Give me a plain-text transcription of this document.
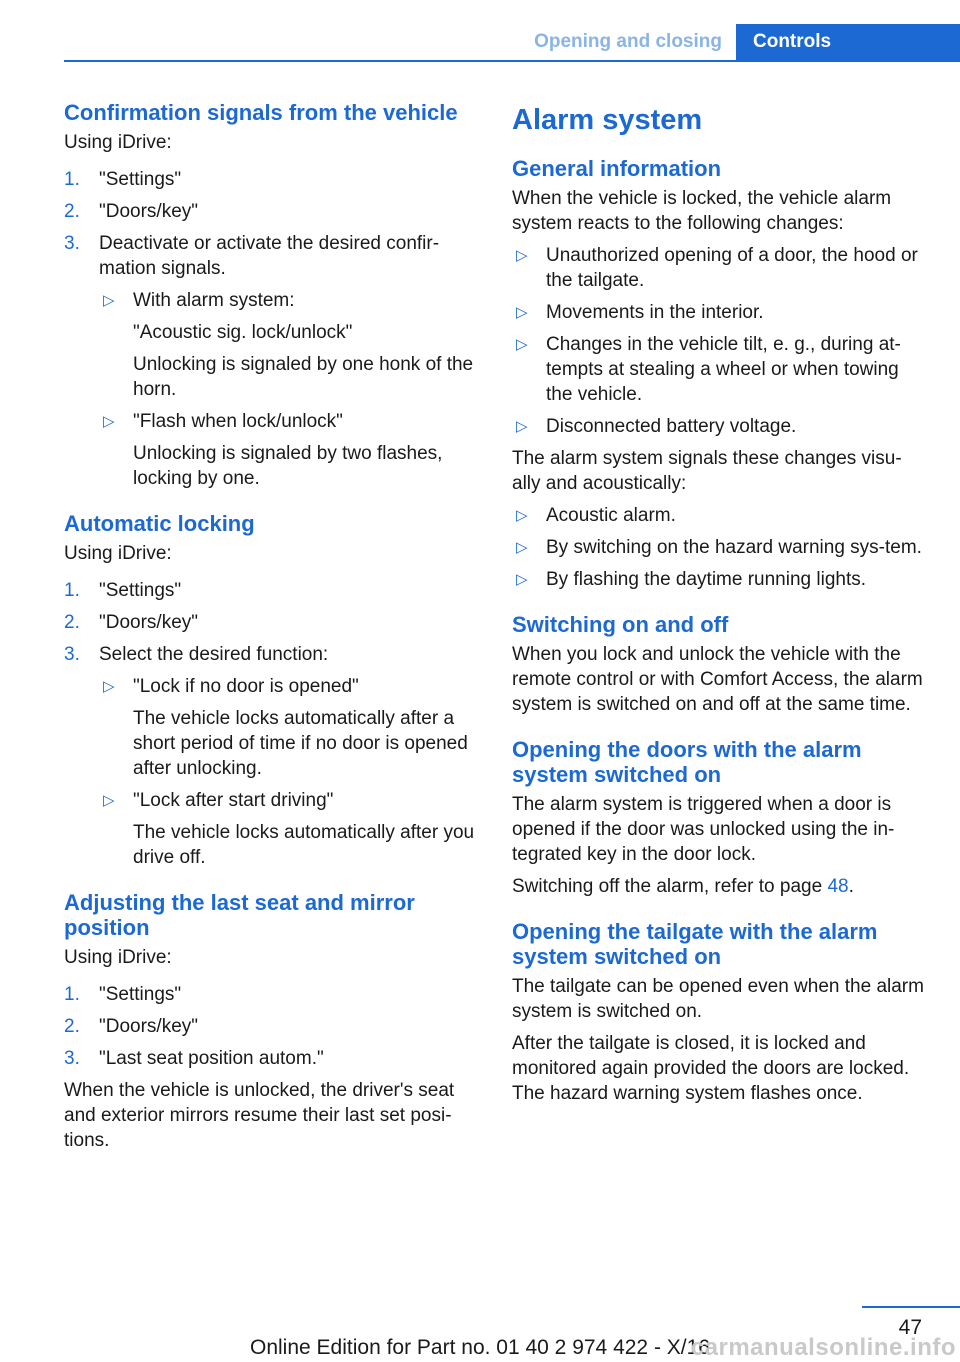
Opening and closing	Controls
Confirmation signals from the vehicle
Using iDrive:
1. "Settings"
2. "Doors/key"
3. Deactivate or activate the desired confir-mation signals.
▷ With alarm system:
"Acoustic sig. lock/unlock"
Unlocking is signaled by one honk of the horn.
▷ "Flash when lock/unlock"
Unlocking is signaled by two flashes, locking by one.
Automatic locking
Using iDrive:
1. "Settings"
2. "Doors/key"
3. Select the desired function:
▷ "Lock if no door is opened"
The vehicle locks automatically after a short period of time if no door is opened after unlocking.
▷ "Lock after start driving"
The vehicle locks automatically after you drive off.
Adjusting the last seat and mirror position
Using iDrive:
1. "Settings"
2. "Doors/key"
3. "Last seat position autom."
When the vehicle is unlocked, the driver's seat and exterior mirrors resume their last set posi-tions.
Alarm system
General information
When the vehicle is locked, the vehicle alarm system reacts to the following changes:
▷ Unauthorized opening of a door, the hood or the tailgate.
▷ Movements in the interior.
▷ Changes in the vehicle tilt, e. g., during at-tempts at stealing a wheel or when towing the vehicle.
▷ Disconnected battery voltage.
The alarm system signals these changes visu-ally and acoustically:
▷ Acoustic alarm.
▷ By switching on the hazard warning sys-tem.
▷ By flashing the daytime running lights.
Switching on and off
When you lock and unlock the vehicle with the remote control or with Comfort Access, the alarm system is switched on and off at the same time.
Opening the doors with the alarm system switched on
The alarm system is triggered when a door is opened if the door was unlocked using the in-tegrated key in the door lock.
Switching off the alarm, refer to page 48.
Opening the tailgate with the alarm system switched on
The tailgate can be opened even when the alarm system is switched on.
After the tailgate is closed, it is locked and monitored again provided the doors are locked. The hazard warning system flashes once.
47
Online Edition for Part no. 01 40 2 974 422 - X/16
carmanualsonline.info
